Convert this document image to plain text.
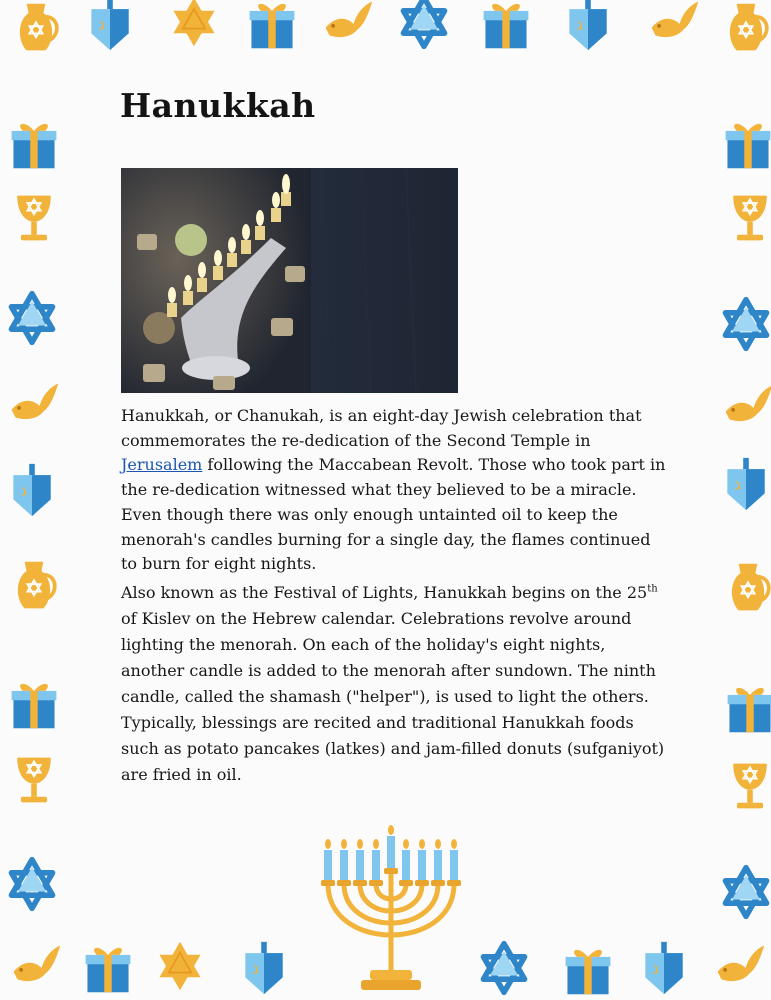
Hanukkah

Hanukkah, or Chanukah, is an eight-day Jewish celebration that commemorates the re-dedication of the Second Temple in Jerusalem following the Maccabean Revolt. Those who took part in the re-dedication witnessed what they believed to be a miracle. Even though there was only enough untainted oil to keep the menorah's candles burning for a single day, the flames continued to burn for eight nights.

Also known as the Festival of Lights, Hanukkah begins on the 25th of Kislev on the Hebrew calendar. Celebrations revolve around lighting the menorah. On each of the holiday's eight nights, another candle is added to the menorah after sundown. The ninth candle, called the shamash ("helper"), is used to light the others. Typically, blessings are recited and traditional Hanukkah foods such as potato pancakes (latkes) and jam-filled donuts (sufganiyot) are fried in oil.
